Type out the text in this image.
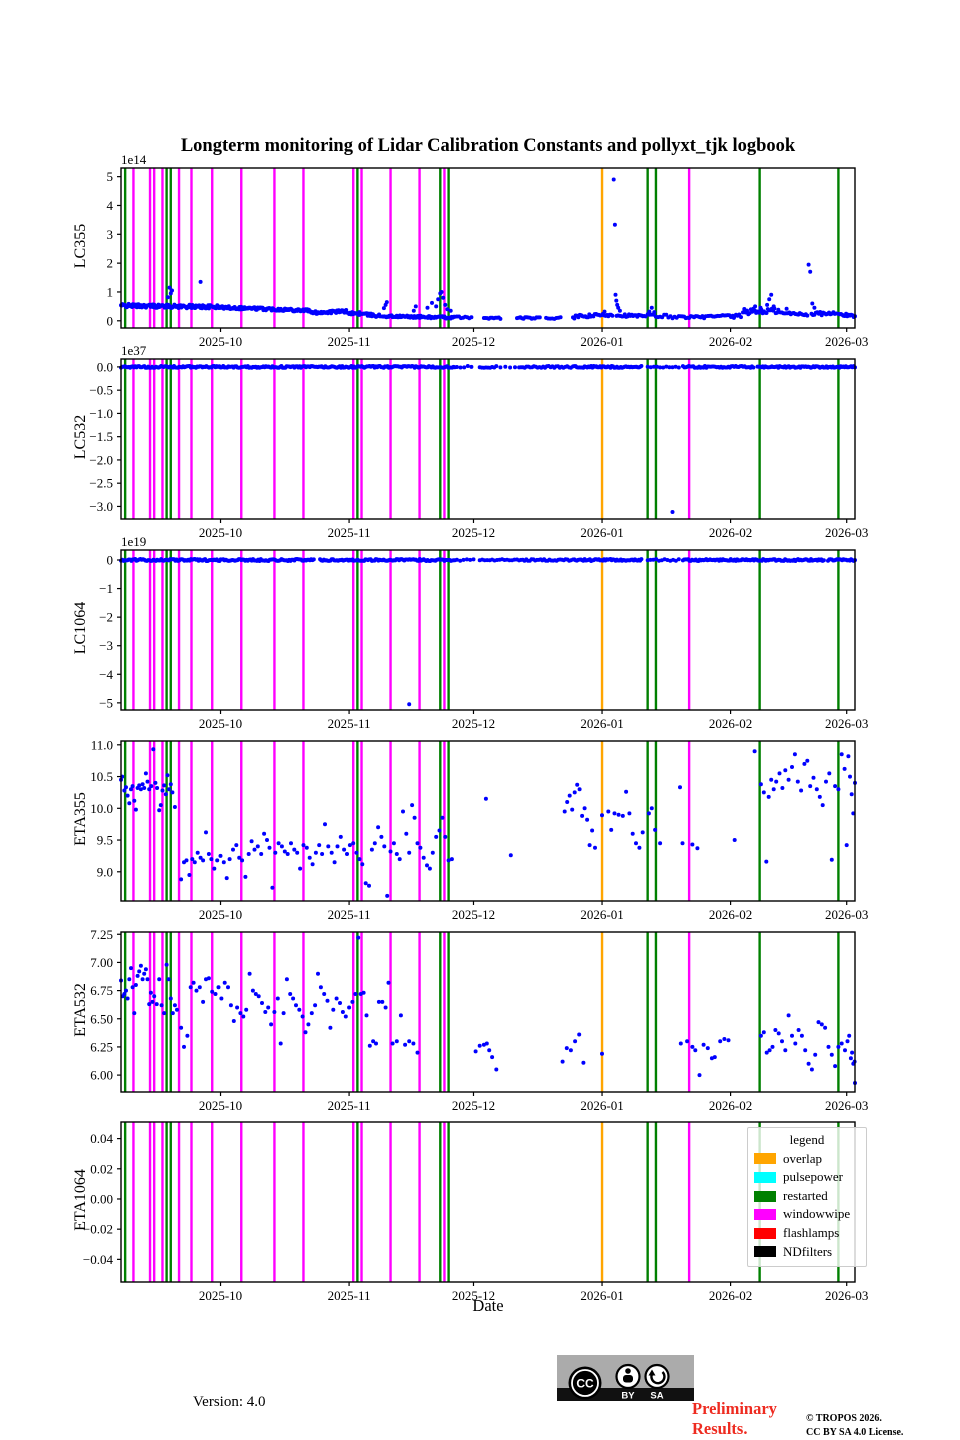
Longterm monitoring of Lidar Calibration Constants and pollyxt_tjk logbook
2025-10	2025-11	2025-12	2026-01	2026-02	2026-03
0
1
2
3
4
5
2025-10	2025-11	2025-12	2026-01	2026-02	2026-03
0.0
−0.5
−1.0
−1.5
−2.0
−2.5
−3.0
2025-10	2025-11	2025-12	2026-01	2026-02	2026-03
0
−1
−2
−3
−4
−5
2025-10	2025-11	2025-12	2026-01	2026-02	2026-03
9.0
9.5
10.0
10.5
11.0
2025-10	2025-11	2025-12	2026-01	2026-02	2026-03
6.00
6.25
6.50
6.75
7.00
7.25
2025-10	2025-11	2025-12	2026-01	2026-02	2026-03
0.04
0.02
0.00
−0.02
−0.04
LC355
LC532
LC1064
ETA355
ETA532
ETA1064
1e14
1e37
1e19
Date
legend
overlap
pulsepower
restarted
windowwipe
flashlamps
NDfilters
Version: 4.0
CC
BY SA
Preliminary
Results.
© TROPOS 2026.
CC BY SA 4.0 License.
